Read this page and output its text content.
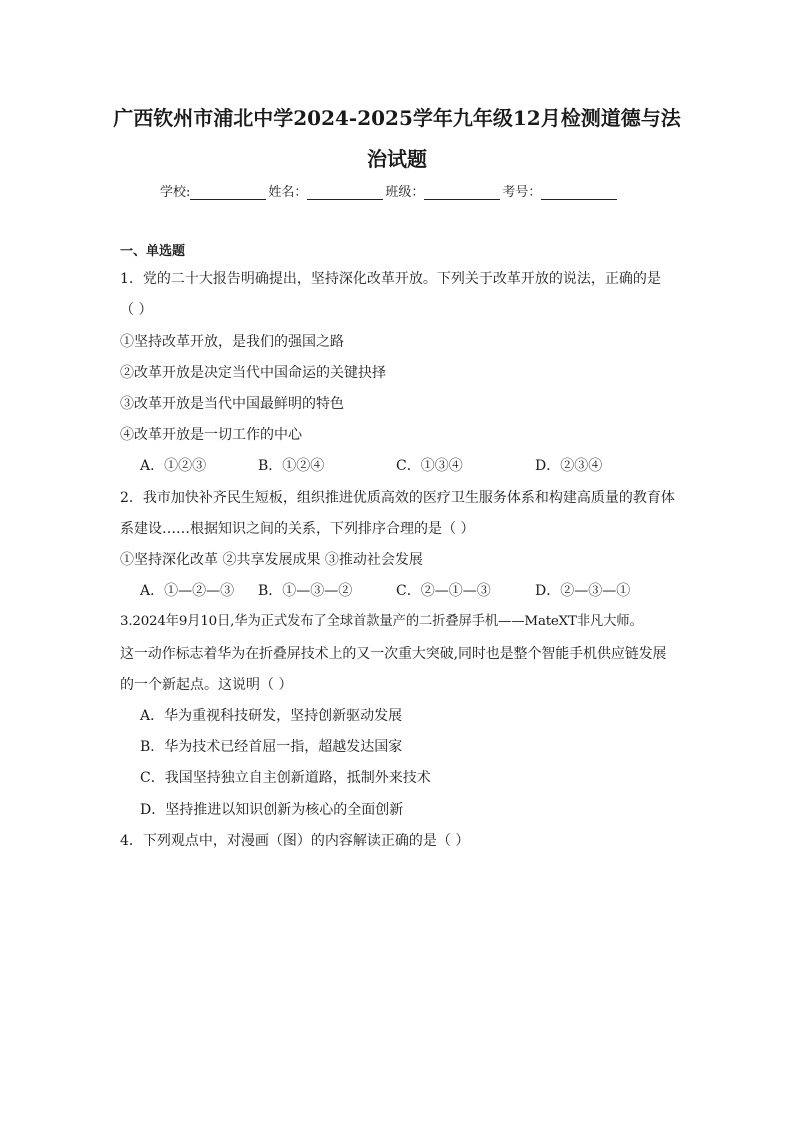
广西钦州市浦北中学2024-2025学年九年级12月检测道德与法
治试题
学校:	姓名：	班级：	考号：
一、单选题
1．党的二十大报告明确提出，坚持深化改革开放。下列关于改革开放的说法，正确的是
（ ）
①坚持改革开放，是我们的强国之路
②改革开放是决定当代中国命运的关键抉择
③改革开放是当代中国最鲜明的特色
④改革开放是一切工作的中心
A．①②③	B．①②④	C．①③④	D．②③④
2．我市加快补齐民生短板，组织推进优质高效的医疗卫生服务体系和构建高质量的教育体
系建设……根据知识之间的关系，下列排序合理的是（ ）
①坚持深化改革 ②共享发展成果 ③推动社会发展
A．①—②—③ B．①—③—②	C．②—①—③	D．②—③—①
3.2024年9月10日,华为正式发布了全球首款量产的二折叠屏手机——MateXT非凡大师。
这一动作标志着华为在折叠屏技术上的又一次重大突破,同时也是整个智能手机供应链发展
的一个新起点。这说明（ ）
A．华为重视科技研发，坚持创新驱动发展
B．华为技术已经首屈一指，超越发达国家
C．我国坚持独立自主创新道路，抵制外来技术
D．坚持推进以知识创新为核心的全面创新
4．下列观点中，对漫画（图）的内容解读正确的是（ ）
